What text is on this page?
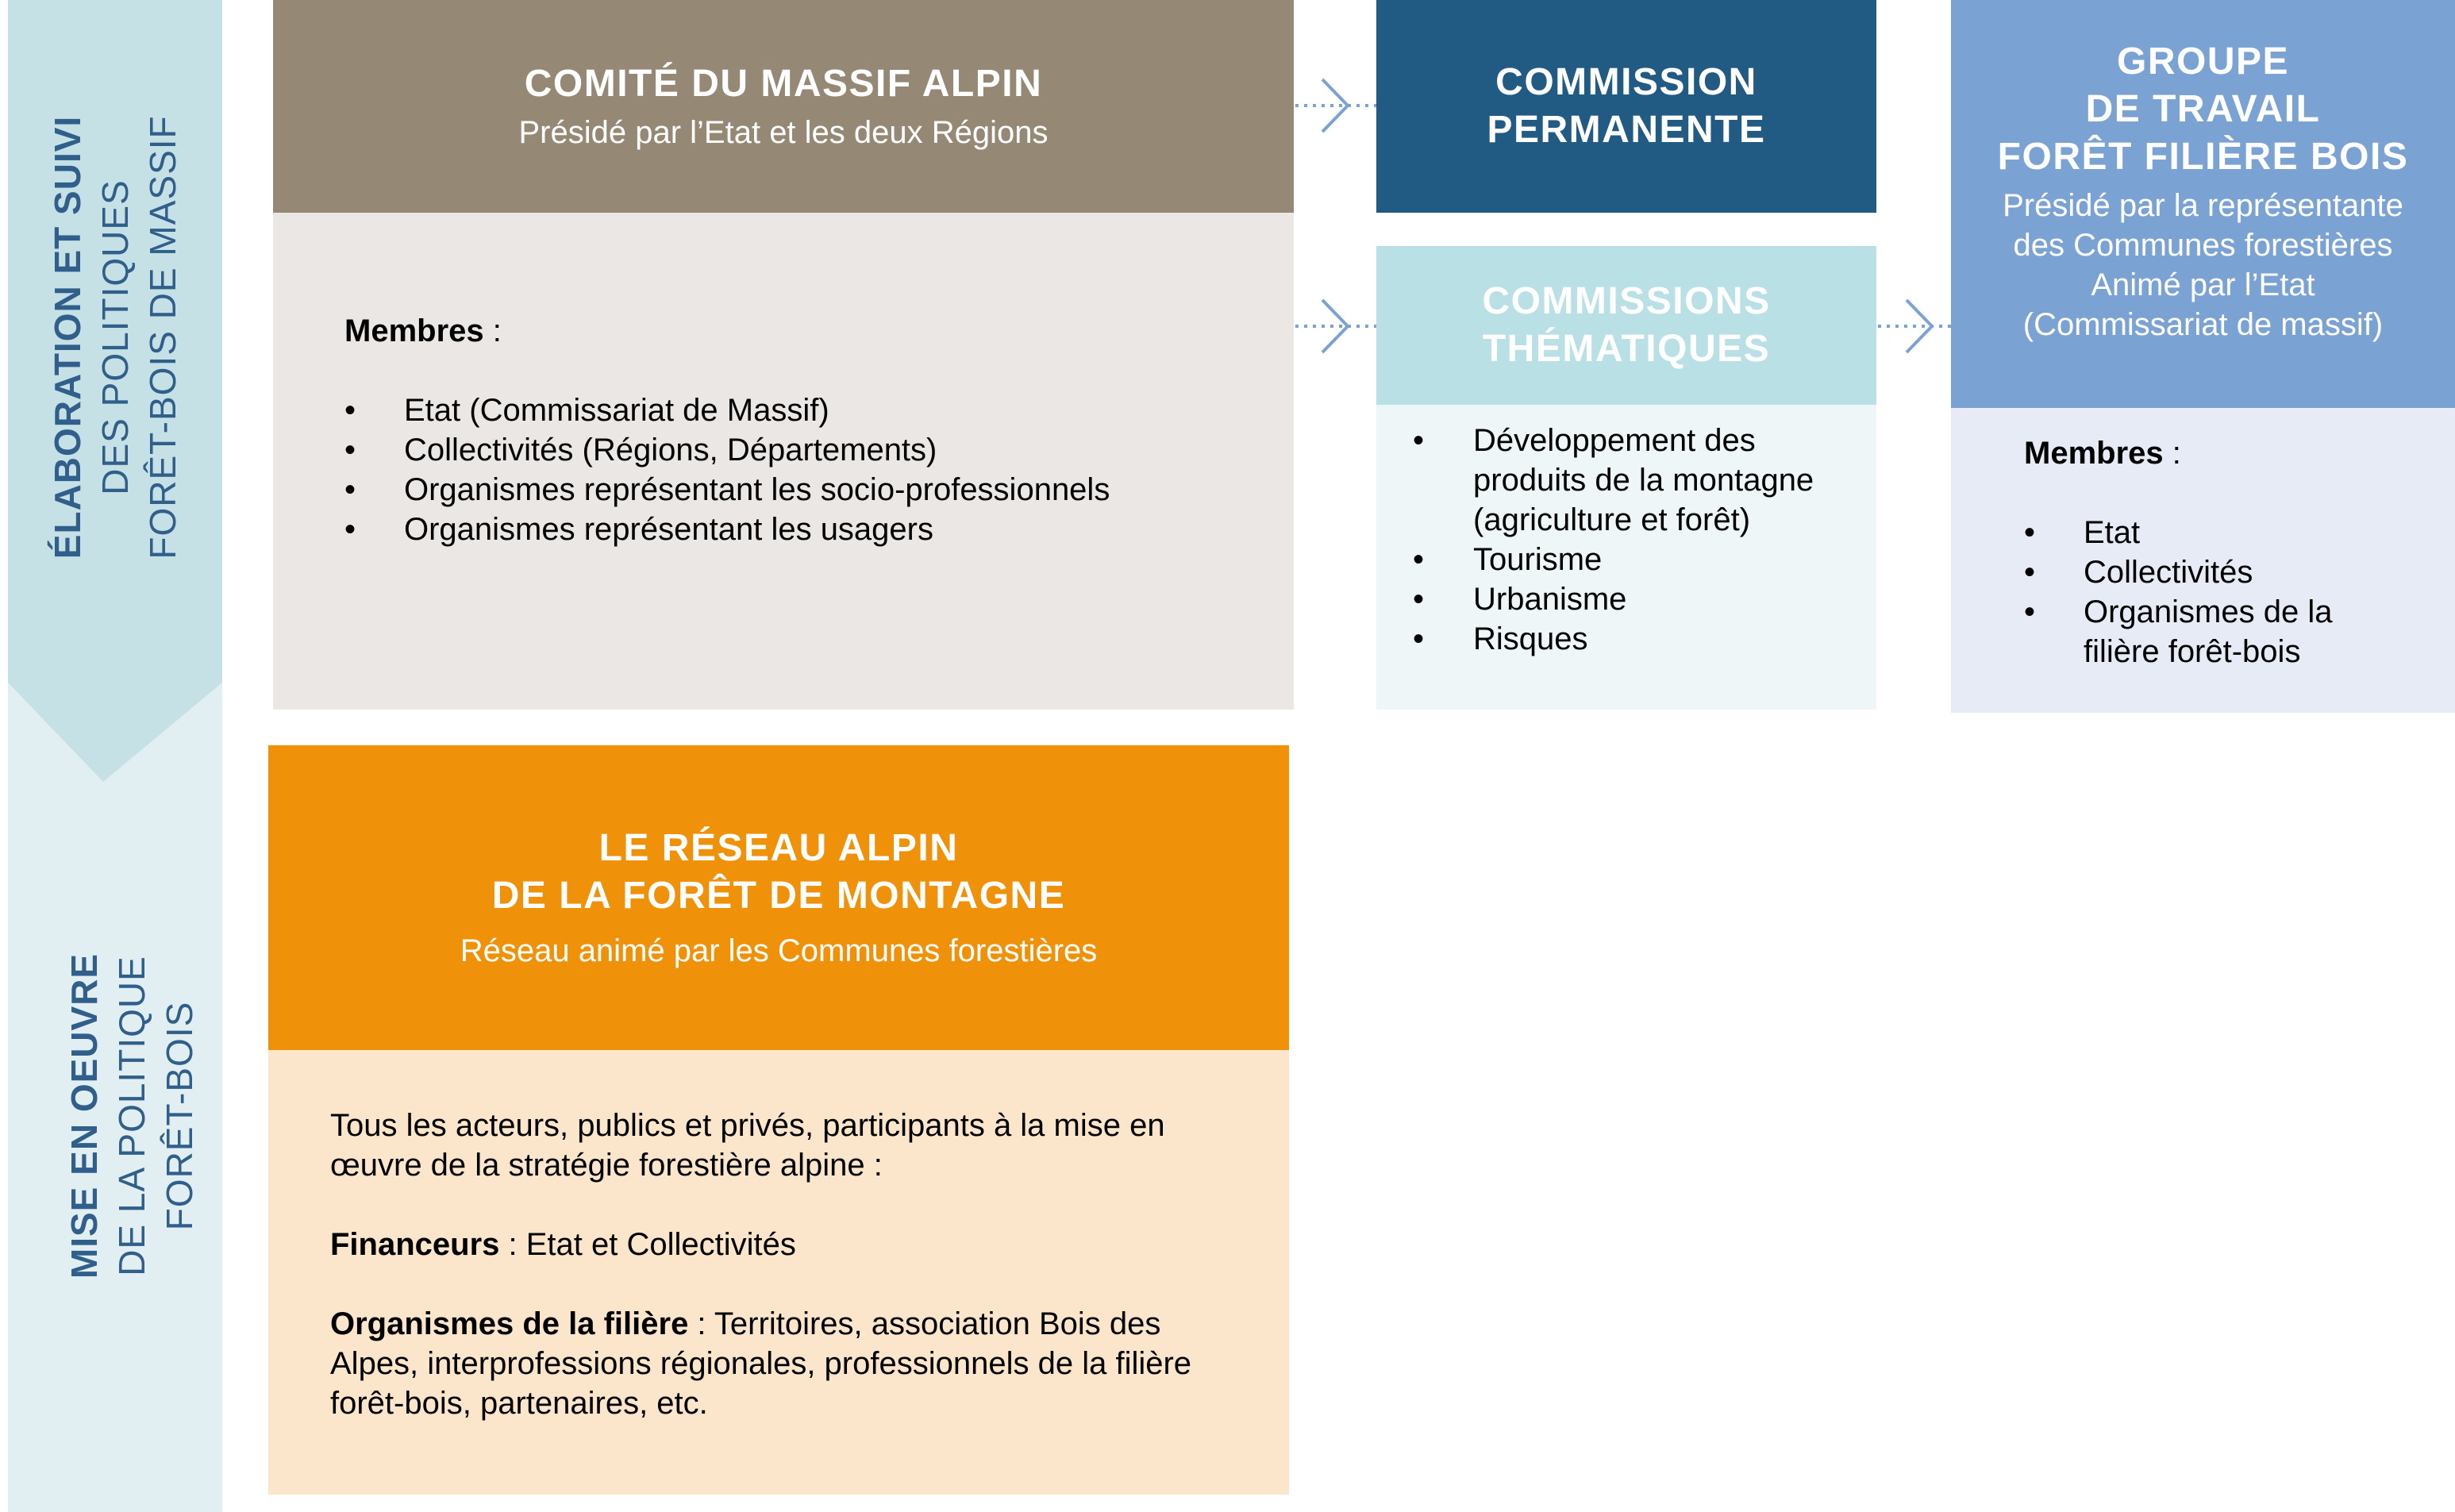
ÉLABORATION ET SUIVI DES POLITIQUES FORÊT-BOIS DE MASSIF
MISE EN OEUVRE DE LA POLITIQUE FORÊT-BOIS
COMITÉ DU MASSIF ALPIN
Présidé par l’Etat et les deux Régions
Membres :
• Etat (Commissariat de Massif)
• Collectivités (Régions, Départements)
• Organismes représentant les socio-professionnels
• Organismes représentant les usagers
COMMISSION
PERMANENTE
COMMISSIONS
THÉMATIQUES
• Développement des produits de la montagne (agriculture et forêt)
• Tourisme
• Urbanisme
• Risques
GROUPE
DE TRAVAIL
FORÊT FILIÈRE BOIS
Présidé par la représentante
des Communes forestières
Animé par l’Etat
(Commissariat de massif)
Membres :
• Etat
• Collectivités
• Organismes de la filière forêt-bois
LE RÉSEAU ALPIN
DE LA FORÊT DE MONTAGNE
Réseau animé par les Communes forestières

Tous les acteurs, publics et privés, participants à la mise en œuvre de la stratégie forestière alpine :

Financeurs : Etat et Collectivités

Organismes de la filière : Territoires, association Bois des Alpes, interprofessions régionales, professionnels de la filière forêt-bois, partenaires, etc.
